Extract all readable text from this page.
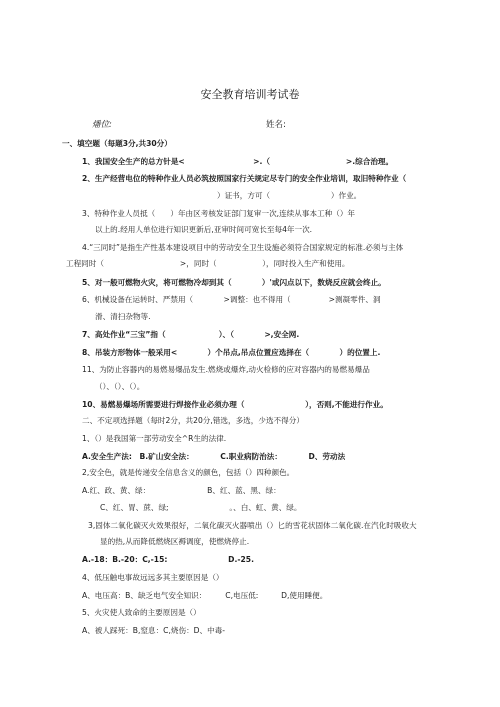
安全教育培训考试卷
燔位:	姓名:
一、填空题（每题3分,共30分）
1、我国安全生产的总方针是<　　　　　　　　　>.（　　　　　　　　　　>.综合治理。
2、生产经营电位的特种作业人员必筑按照国家行关规定尽专门的安全作业培训，取旧特种作业（
）证书，方可（　　　　　　　　）作业。
3、特种作业人员抵（　　）年由区考核发证部门复审一次,连续从事本工种（）年
以上的.经用人单位进行知识更新后,亚审时间可宽长至每4年一次.
4.“三同时”是指生产性基本建设项目中的劳动安全卫生设施必须符合国家规定的标准.必须与主体
工程同时（　　　　　　　　　　>，同时（　　　　　　），同时投入生产和使用。
5、对一般可燃物火灾，将可燃物冷却到其（　　　　）'或闪点以下，数烧反应就会终止。
6、机械设备在运转时、严禁用（　　　　>调整：也不得用（　　　　　>测凝零件、洞
滑、清扫杂物等.
7、高处作业“三宝”指（　　　　　　　）、（　　　　>,安全网.
8、吊装方形物体一般采用<　　　　）个吊点,吊点位置应选择在（　　　　）的位置上.
11、为防止容器内的易燃易爆品发生.燃烧或爆炸,动火检修的应对容器内的易燃易爆品
（）、（）、（）。
10、易燃易爆场所需要进行焊接作业必须办理（　　　　　　　　），否则,不能进行作业。
二、不定项选择题（每时2分，共20分,错选，多选，少选不得分）
1、（）是我国第一部劳动安全^R生的法律.
A.安全生产法:　B.矿山安全法：　　　　C.职业病防治法：　　　　D、劳动法
2,安全色，就是传递安全信息含义的颜色，包括（）四种颜色。
A.红、政、黄、绿：　　　　　　　　B、红、蓝、黑、绿：
C、红、胃、蔗、绿;　　　　　　　　。、白、虹、黄、绿。
3,固体二氧化碳灭火效果很好，二氧化碳灭火器喷出（）匕的雪花状固体二氧化碳.在汽化时吸收大
显的热,从而降低燃烧区褥调度，使燃烧停止.
A.-18：B.-20：C,-15:　　　　　　　　D.-25.
4、低压触电事故远远多其主要原因是（）
A、电压高：B、缺乏电气安全知识：　　　C,电压低:　　　D,使用睡便。
5、火灾使人致命的主要原因是（）
A、被人踩死：B,窒息：C,烧伤：D、中毒-
